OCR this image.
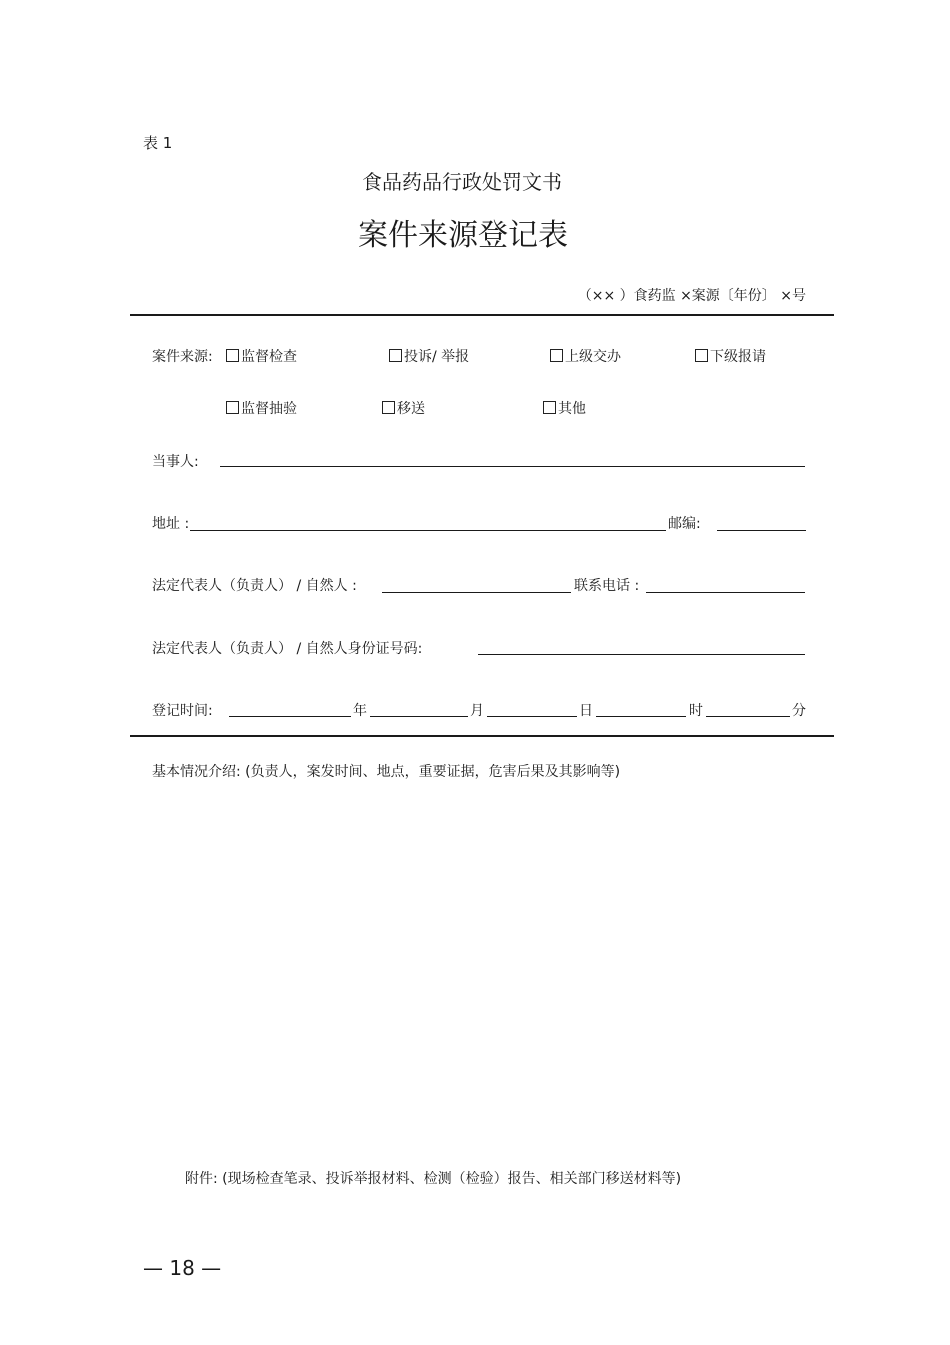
表 1
食品药品行政处罚文书
案件来源登记表
（×× ）食药监 ×案源〔年份〕 ×号
案件来源:	监督检查	投诉/ 举报	上级交办	下级报请
监督抽验	移送	其他
当事人:
地址 :	邮编:
法定代表人（负责人） / 自然人 :	联系电话 :
法定代表人（负责人） / 自然人身份证号码:
登记时间:	年	月	日	时	分
基本情况介绍: (负责人，案发时间、地点，重要证据，危害后果及其影响等)
附件: (现场检查笔录、投诉举报材料、检测（检验）报告、相关部门移送材料等)
— 18 —
